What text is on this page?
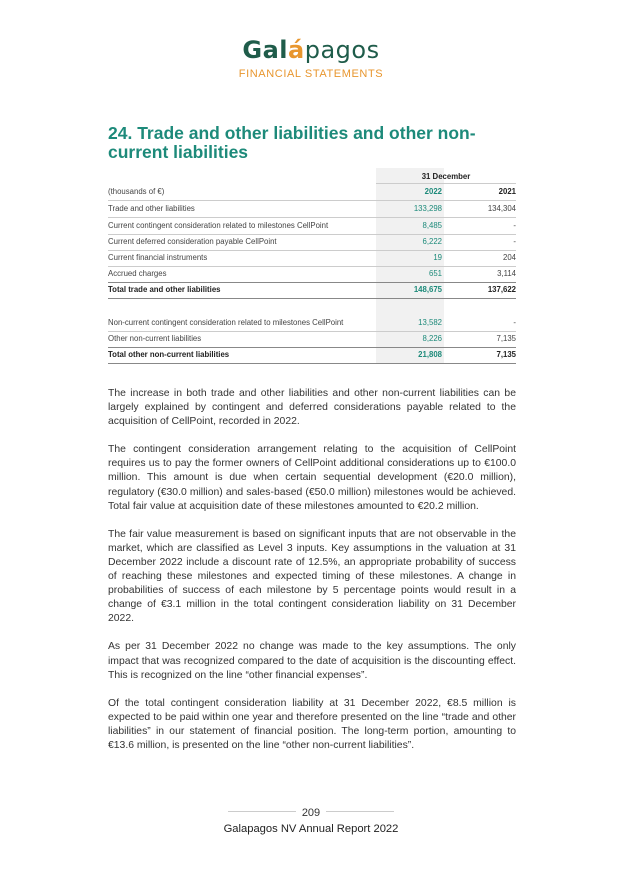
Galápagos
FINANCIAL STATEMENTS
24. Trade and other liabilities and other non-current liabilities
31 December
(thousands of €)	2022	2021
Trade and other liabilities	133,298	134,304
Current contingent consideration related to milestones CellPoint	8,485	-
Current deferred consideration payable CellPoint	6,222	-
Current financial instruments	19	204
Accrued charges	651	3,114
Total trade and other liabilities	148,675	137,622
Non-current contingent consideration related to milestones CellPoint	13,582	-
Other non-current liabilities	8,226	7,135
Total other non-current liabilities	21,808	7,135

The increase in both trade and other liabilities and other non-current liabilities can be largely explained by contingent and deferred considerations payable related to the acquisition of CellPoint, recorded in 2022.

The contingent consideration arrangement relating to the acquisition of CellPoint requires us to pay the former owners of CellPoint additional considerations up to €100.0 million. This amount is due when certain sequential development (€20.0 million), regulatory (€30.0 million) and sales-based (€50.0 million) milestones would be achieved. Total fair value at acquisition date of these milestones amounted to €20.2 million.

The fair value measurement is based on significant inputs that are not observable in the market, which are classified as Level 3 inputs. Key assumptions in the valuation at 31 December 2022 include a discount rate of 12.5%, an appropriate probability of success of reaching these milestones and expected timing of these milestones. A change in probabilities of success of each milestone by 5 percentage points would result in a change of €3.1 million in the total contingent consideration liability on 31 December 2022.

As per 31 December 2022 no change was made to the key assumptions. The only impact that was recognized compared to the date of acquisition is the discounting effect. This is recognized on the line “other financial expenses”.

Of the total contingent consideration liability at 31 December 2022, €8.5 million is expected to be paid within one year and therefore presented on the line “trade and other liabilities” in our statement of financial position. The long-term portion, amounting to €13.6 million, is presented on the line “other non-current liabilities”.

209
Galapagos NV Annual Report 2022
